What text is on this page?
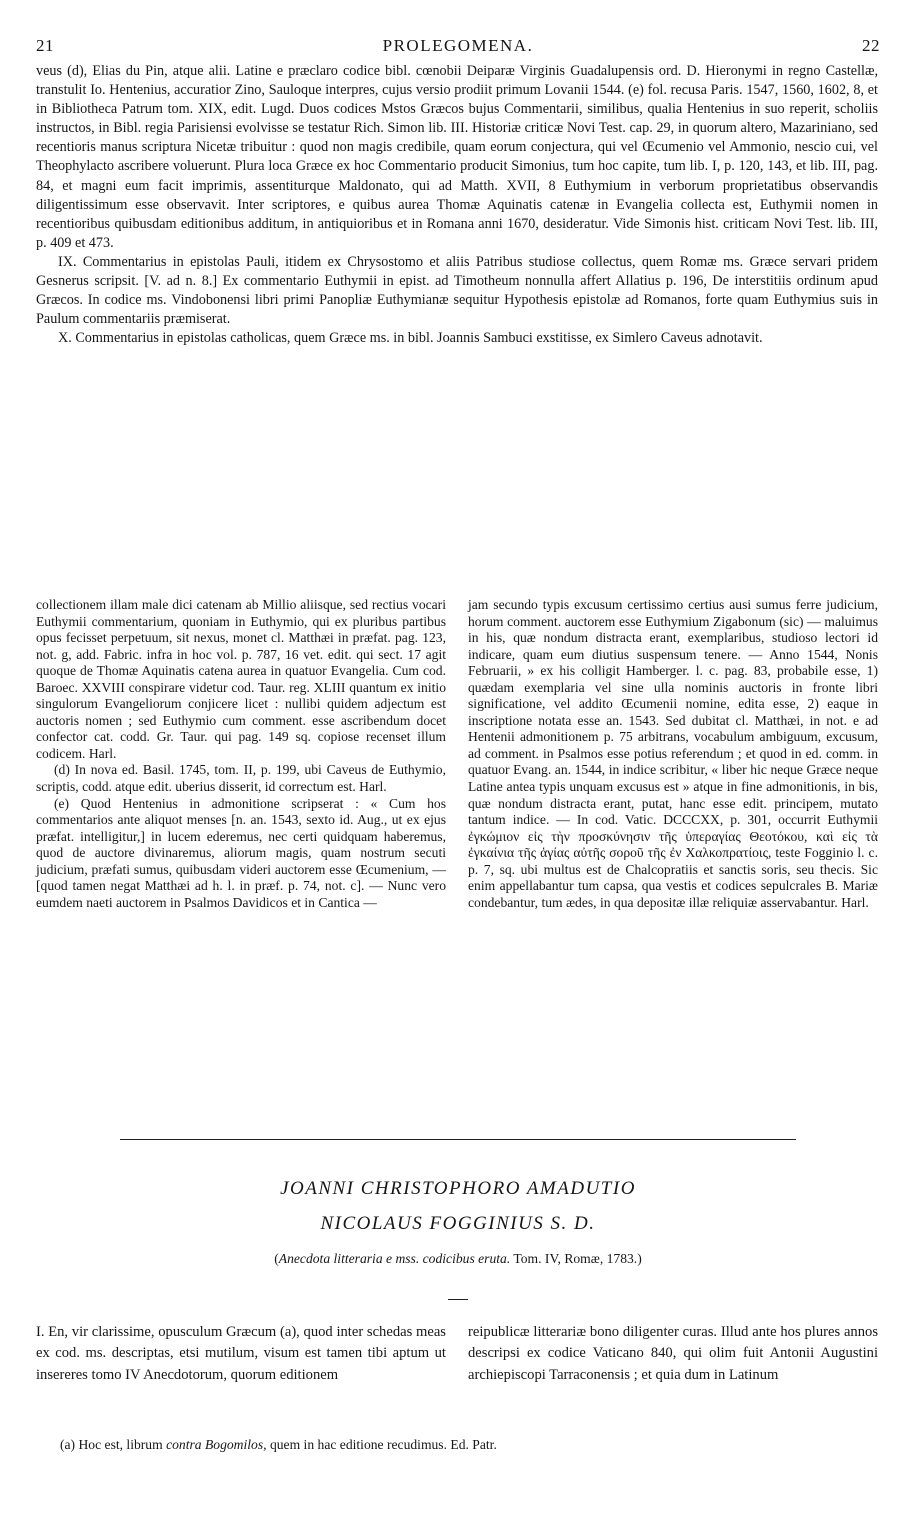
21	PROLEGOMENA.	22

veus (d), Elias du Pin, atque alii. Latine e præclaro codice bibl. cœnobii Deiparæ Virginis Guadalupensis ord. D. Hieronymi in regno Castellæ, transtulit Io. Hentenius, accuratior Zino, Sauloque interpres, cujus versio prodiit primum Lovanii 1544. (e) fol. recusa Paris. 1547, 1560, 1602, 8, et in Bibliotheca Patrum tom. XIX, edit. Lugd. Duos codices Mstos Græcos bujus Commentarii, similibus, qualia Hentenius in suo reperit, scholiis instructos, in Bibl. regia Parisiensi evolvisse se testatur Rich. Simon lib. III. Historiæ criticæ Novi Test. cap. 29, in quorum altero, Mazariniano, sed recentioris manus scriptura Nicetæ tribuitur : quod non magis credibile, quam eorum conjectura, qui vel Œcumenio vel Ammonio, nescio cui, vel Theophylacto ascribere voluerunt. Plura loca Græce ex hoc Commentario producit Simonius, tum hoc capite, tum lib. I, p. 120, 143, et lib. III, pag. 84, et magni eum facit imprimis, assentiturque Maldonato, qui ad Matth. XVII, 8 Euthymium in verborum proprietatibus observandis diligentissimum esse observavit. Inter scriptores, e quibus aurea Thomæ Aquinatis catenæ in Evangelia collecta est, Euthymii nomen in recentioribus quibusdam editionibus additum, in antiquioribus et in Romana anni 1670, desideratur. Vide Simonis hist. criticam Novi Test. lib. III, p. 409 et 473.

IX. Commentarius in epistolas Pauli, itidem ex Chrysostomo et aliis Patribus studiose collectus, quem Romæ ms. Græce servari pridem Gesnerus scripsit. [V. ad n. 8.] Ex commentario Euthymii in epist. ad Timotheum nonnulla affert Allatius p. 196, De interstitiis ordinum apud Græcos. In codice ms. Vindobonensi libri primi Panopliæ Euthymianæ sequitur Hypothesis epistolæ ad Romanos, forte quam Euthymius suis in Paulum commentariis præmiserat.

X. Commentarius in epistolas catholicas, quem Græce ms. in bibl. Joannis Sambuci exstitisse, ex Simlero Caveus adnotavit.

collectionem illam male dici catenam ab Millio aliisque, sed rectius vocari Euthymii commentarium, quoniam in Euthymio, qui ex pluribus partibus opus fecisset perpetuum, sit nexus, monet cl. Matthæi in præfat. pag. 123, not. g, add. Fabric. infra in hoc vol. p. 787, 16 vet. edit. qui sect. 17 agit quoque de Thomæ Aquinatis catena aurea in quatuor Evangelia. Cum cod. Baroec. XXVIII conspirare videtur cod. Taur. reg. XLIII quantum ex initio singulorum Evangeliorum conjicere licet : nullibi quidem adjectum est auctoris nomen ; sed Euthymio cum comment. esse ascribendum docet confector cat. codd. Gr. Taur. qui pag. 149 sq. copiose recenset illum codicem. Harl.

(d) In nova ed. Basil. 1745, tom. II, p. 199, ubi Caveus de Euthymio, scriptis, codd. atque edit. uberius disserit, id correctum est. Harl.

(e) Quod Hentenius in admonitione scripserat : « Cum hos commentarios ante aliquot menses [n. an. 1543, sexto id. Aug., ut ex ejus præfat. intelligitur,] in lucem ederemus, nec certi quidquam haberemus, quod de auctore divinaremus, aliorum magis, quam nostrum secuti judicium, præfati sumus, quibusdam videri auctorem esse Œcumenium, — [quod tamen negat Matthæi ad h. l. in præf. p. 74, not. c]. — Nunc vero eumdem naeti auctorem in Psalmos Davidicos et in Cantica —

jam secundo typis excusum certissimo certius ausi sumus ferre judicium, horum comment. auctorem esse Euthymium Zigabonum (sic) — maluimus in his, quæ nondum distracta erant, exemplaribus, studioso lectori id indicare, quam eum diutius suspensum tenere. — Anno 1544, Nonis Februarii, » ex his colligit Hamberger. l. c. pag. 83, probabile esse, 1) quædam exemplaria vel sine ulla nominis auctoris in fronte libri significatione, vel addito Œcumenii nomine, edita esse, 2) eaque in inscriptione notata esse an. 1543. Sed dubitat cl. Matthæi, in not. e ad Hentenii admonitionem p. 75 arbitrans, vocabulum ambiguum, excusum, ad comment. in Psalmos esse potius referendum ; et quod in ed. comm. in quatuor Evang. an. 1544, in indice scribitur, « liber hic neque Græce neque Latine antea typis unquam excusus est » atque in fine admonitionis, in bis, quæ nondum distracta erant, putat, hanc esse edit. principem, mutato tantum indice. — In cod. Vatic. DCCCXX, p. 301, occurrit Euthymii ἐγκώμιον εἰς τὴν προσκύνησιν τῆς ὑπεραγίας Θεοτόκου, καὶ εἰς τὰ ἐγκαίνια τῆς ἁγίας αὐτῆς σοροῦ τῆς ἐν Χαλκοπρατίοις, teste Fogginio l. c. p. 7, sq. ubi multus est de Chalcopratiis et sanctis soris, seu thecis. Sic enim appellabantur tum capsa, qua vestis et codices sepulcrales B. Mariæ condebantur, tum ædes, in qua depositæ illæ reliquiæ asservabantur. Harl.

JOANNI CHRISTOPHORO AMADUTIO
NICOLAUS FOGGINIUS S. D.
(Anecdota litteraria e mss. codicibus eruta. Tom. IV, Romæ, 1783.)

I. En, vir clarissime, opusculum Græcum (a), quod inter schedas meas ex cod. ms. descriptas, etsi mutilum, visum est tamen tibi aptum ut insereres tomo IV Anecdotorum, quorum editionem

reipublicæ litterariæ bono diligenter curas. Illud ante hos plures annos descripsi ex codice Vaticano 840, qui olim fuit Antonii Augustini archiepiscopi Tarraconensis ; et quia dum in Latinum

(a) Hoc est, librum contra Bogomilos, quem in hac editione recudimus. Ed. Patr.
